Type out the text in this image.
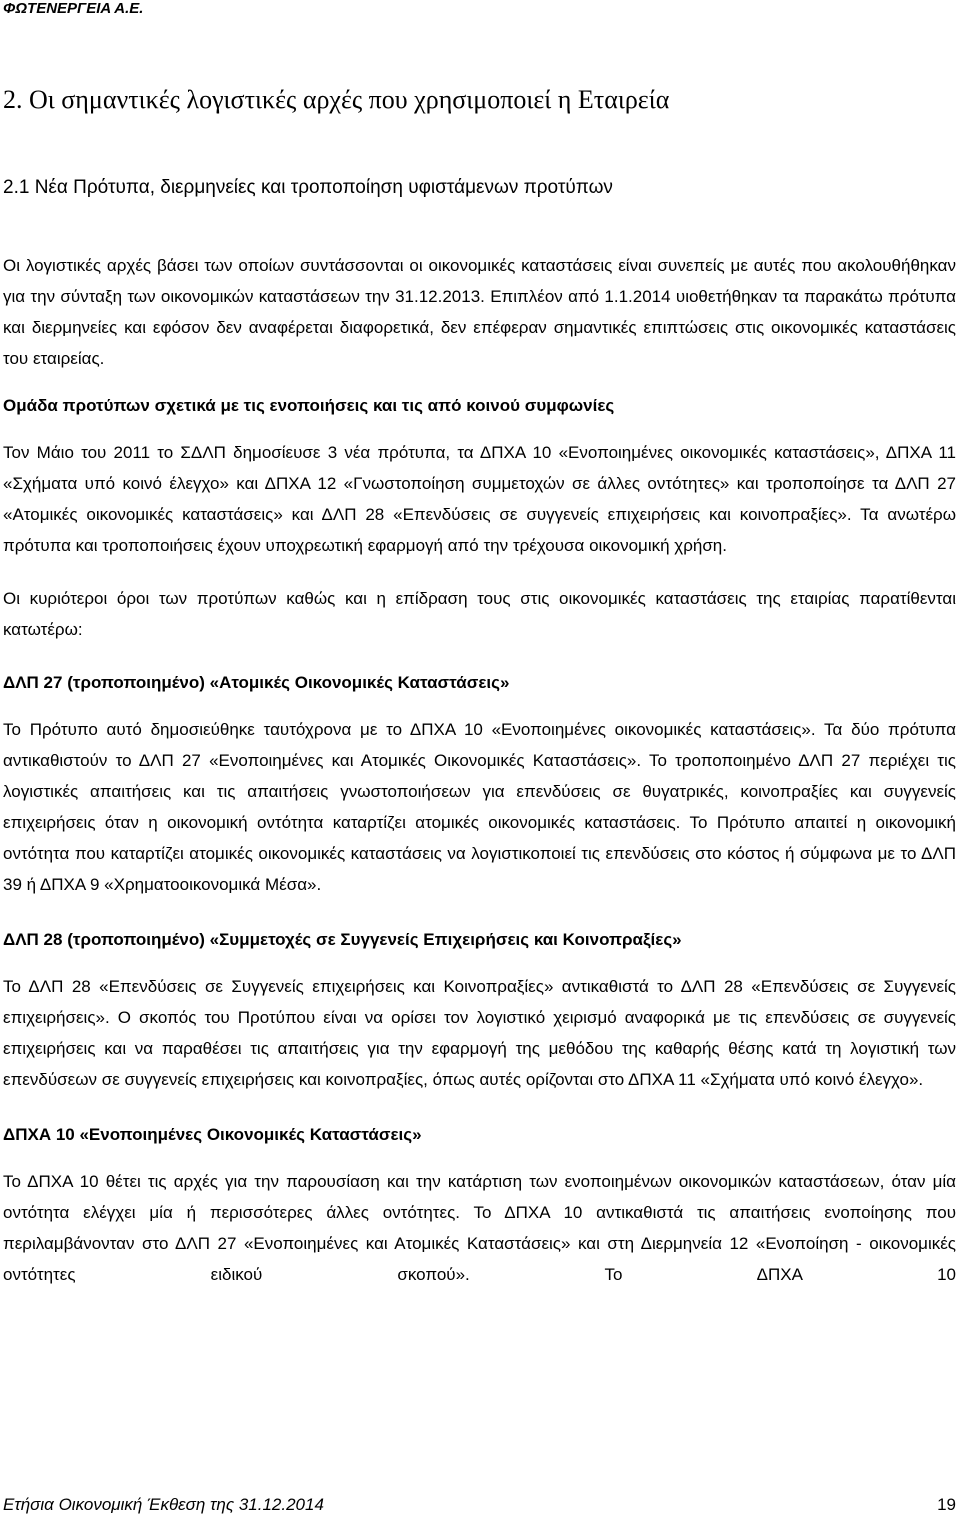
ΦΩΤΕΝΕΡΓΕΙΑ Α.Ε.
2. Οι σημαντικές λογιστικές αρχές που χρησιμοποιεί η Εταιρεία
2.1 Νέα Πρότυπα, διερμηνείες και τροποποίηση υφιστάμενων προτύπων

Οι λογιστικές αρχές βάσει των οποίων συντάσσονται οι οικονομικές καταστάσεις είναι συνεπείς με αυτές που ακολουθήθηκαν για την σύνταξη των οικονομικών καταστάσεων την 31.12.2013. Επιπλέον από 1.1.2014 υιοθετήθηκαν τα παρακάτω πρότυπα και διερμηνείες και εφόσον δεν αναφέρεται διαφορετικά, δεν επέφεραν σημαντικές επιπτώσεις στις οικονομικές καταστάσεις του εταιρείας.

Ομάδα προτύπων σχετικά με τις ενοποιήσεις και τις από κοινού συμφωνίες

Τον Μάιο του 2011 το ΣΔΛΠ δημοσίευσε 3 νέα πρότυπα, τα ΔΠΧΑ 10 «Ενοποιημένες οικονομικές καταστάσεις», ΔΠΧΑ 11 «Σχήματα υπό κοινό έλεγχο» και ΔΠΧΑ 12 «Γνωστοποίηση συμμετοχών σε άλλες οντότητες» και τροποποίησε τα ΔΛΠ 27 «Ατομικές οικονομικές καταστάσεις» και ΔΛΠ 28 «Επενδύσεις σε συγγενείς επιχειρήσεις και κοινοπραξίες». Τα ανωτέρω πρότυπα και τροποποιήσεις έχουν υποχρεωτική εφαρμογή από την τρέχουσα οικονομική χρήση.

Οι κυριότεροι όροι των προτύπων καθώς και η επίδραση τους στις οικονομικές καταστάσεις της εταιρίας παρατίθενται κατωτέρω:

ΔΛΠ 27 (τροποποιημένο) «Ατομικές Οικονομικές Καταστάσεις»

Το Πρότυπο αυτό δημοσιεύθηκε ταυτόχρονα με το ΔΠΧΑ 10 «Ενοποιημένες οικονομικές καταστάσεις». Τα δύο πρότυπα αντικαθιστούν το ΔΛΠ 27 «Ενοποιημένες και Ατομικές Οικονομικές Καταστάσεις». Το τροποποιημένο ΔΛΠ 27 περιέχει τις λογιστικές απαιτήσεις και τις απαιτήσεις γνωστοποιήσεων για επενδύσεις σε θυγατρικές, κοινοπραξίες και συγγενείς επιχειρήσεις όταν η οικονομική οντότητα καταρτίζει ατομικές οικονομικές καταστάσεις. Το Πρότυπο απαιτεί η οικονομική οντότητα που καταρτίζει ατομικές οικονομικές καταστάσεις να λογιστικοποιεί τις επενδύσεις στο κόστος ή σύμφωνα με το ΔΛΠ 39 ή ΔΠΧΑ 9 «Χρηματοοικονομικά Μέσα».

ΔΛΠ 28 (τροποποιημένο) «Συμμετοχές σε Συγγενείς Επιχειρήσεις και Κοινοπραξίες»

Το ΔΛΠ 28 «Επενδύσεις σε Συγγενείς επιχειρήσεις και Κοινοπραξίες» αντικαθιστά το ΔΛΠ 28 «Επενδύσεις σε Συγγενείς επιχειρήσεις». Ο σκοπός του Προτύπου είναι να ορίσει τον λογιστικό χειρισμό αναφορικά με τις επενδύσεις σε συγγενείς επιχειρήσεις και να παραθέσει τις απαιτήσεις για την εφαρμογή της μεθόδου της καθαρής θέσης κατά τη λογιστική των επενδύσεων σε συγγενείς επιχειρήσεις και κοινοπραξίες, όπως αυτές ορίζονται στο ΔΠΧΑ 11 «Σχήματα υπό κοινό έλεγχο».

ΔΠΧΑ 10 «Ενοποιημένες Οικονομικές Καταστάσεις»

Το ΔΠΧΑ 10 θέτει τις αρχές για την παρουσίαση και την κατάρτιση των ενοποιημένων οικονομικών καταστάσεων, όταν μία οντότητα ελέγχει μία ή περισσότερες άλλες οντότητες. Το ΔΠΧΑ 10 αντικαθιστά τις απαιτήσεις ενοποίησης που περιλαμβάνονταν στο ΔΛΠ 27 «Ενοποιημένες και Ατομικές Καταστάσεις» και στη Διερμηνεία 12 «Ενοποίηση - οικονομικές οντότητες ειδικού σκοπού». Το ΔΠΧΑ 10

Ετήσια Οικονομική Έκθεση της 31.12.2014	19
